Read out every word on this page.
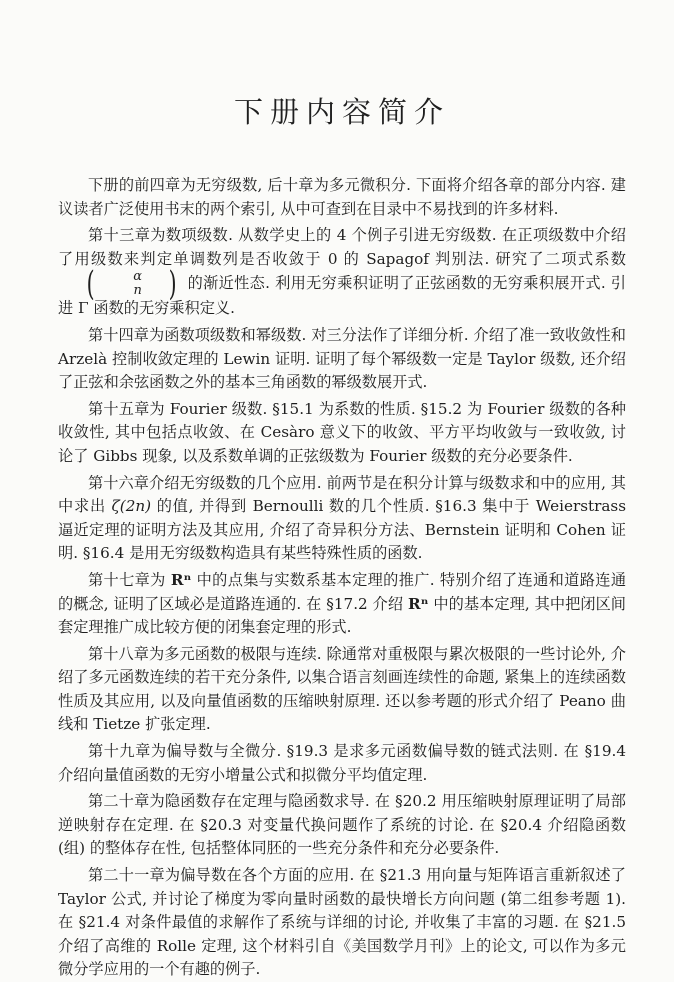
下册内容简介

下册的前四章为无穷级数, 后十章为多元微积分. 下面将介绍各章的部分内容. 建议读者广泛使用书末的两个索引, 从中可查到在目录中不易找到的许多材料.

第十三章为数项级数. 从数学史上的 4 个例子引进无穷级数. 在正项级数中介绍了用级数来判定单调数列是否收敛于 0 的 Sapagof 判别法. 研究了二项式系数
(	α
n ) 的渐近性态. 利用无穷乘积证明了正弦函数的无穷乘积展开式. 引进 Γ 函数的无穷乘积定义.

第十四章为函数项级数和幂级数. 对三分法作了详细分析. 介绍了准一致收敛性和 Arzelà 控制收敛定理的 Lewin 证明. 证明了每个幂级数一定是 Taylor 级数, 还介绍了正弦和余弦函数之外的基本三角函数的幂级数展开式.

第十五章为 Fourier 级数. §15.1 为系数的性质. §15.2 为 Fourier 级数的各种收敛性, 其中包括点收敛、在 Cesàro 意义下的收敛、平方平均收敛与一致收敛, 讨论了 Gibbs 现象, 以及系数单调的正弦级数为 Fourier 级数的充分必要条件.

第十六章介绍无穷级数的几个应用. 前两节是在积分计算与级数求和中的应用, 其中求出 ζ(2n) 的值, 并得到 Bernoulli 数的几个性质. §16.3 集中于 Weierstrass 逼近定理的证明方法及其应用, 介绍了奇异积分方法、Bernstein 证明和 Cohen 证明. §16.4 是用无穷级数构造具有某些特殊性质的函数.

第十七章为 Rⁿ 中的点集与实数系基本定理的推广. 特别介绍了连通和道路连通的概念, 证明了区域必是道路连通的. 在 §17.2 介绍 Rⁿ 中的基本定理, 其中把闭区间套定理推广成比较方便的闭集套定理的形式.

第十八章为多元函数的极限与连续. 除通常对重极限与累次极限的一些讨论外, 介绍了多元函数连续的若干充分条件, 以集合语言刻画连续性的命题, 紧集上的连续函数性质及其应用, 以及向量值函数的压缩映射原理. 还以参考题的形式介绍了 Peano 曲线和 Tietze 扩张定理.

第十九章为偏导数与全微分. §19.3 是求多元函数偏导数的链式法则. 在 §19.4 介绍向量值函数的无穷小增量公式和拟微分平均值定理.

第二十章为隐函数存在定理与隐函数求导. 在 §20.2 用压缩映射原理证明了局部逆映射存在定理. 在 §20.3 对变量代换问题作了系统的讨论. 在 §20.4 介绍隐函数 (组) 的整体存在性, 包括整体同胚的一些充分条件和充分必要条件.

第二十一章为偏导数在各个方面的应用. 在 §21.3 用向量与矩阵语言重新叙述了 Taylor 公式, 并讨论了梯度为零向量时函数的最快增长方向问题 (第二组参考题 1). 在 §21.4 对条件最值的求解作了系统与详细的讨论, 并收集了丰富的习题. 在 §21.5 介绍了高维的 Rolle 定理, 这个材料引自《美国数学月刊》上的论文, 可以作为多元微分学应用的一个有趣的例子.
